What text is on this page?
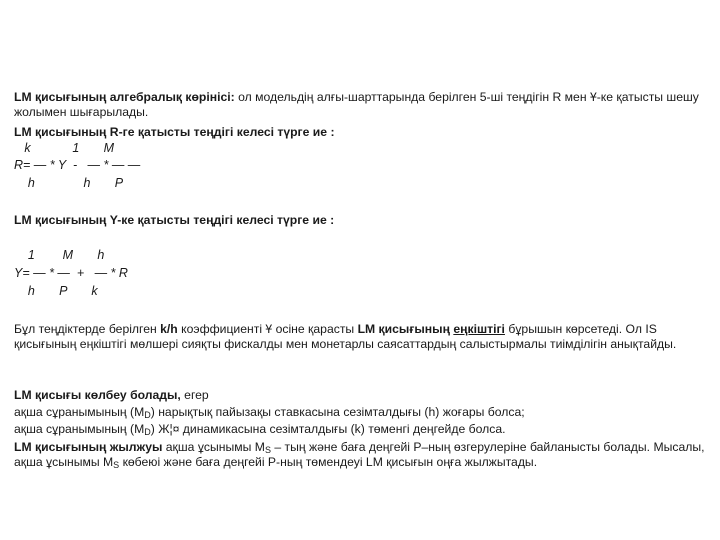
LM қисығының алгебралық көрінісі: ол модельдің алғы-шарттарында берілген 5-ші теңдігін R мен Ұ-ке қатысты шешу жолымен шығарылады.
LM қисығының R-ге қатысты теңдігі келесі түрге ие :
k            1       M
R= — * Y  -   — * — —
h              h       P
LM қисығының Y-ке қатысты теңдігі келесі түрге ие :
1        M       h
Y= — * —  +   — * R
h       P       k
Бұл теңдіктерде берілген k/h коэффициенті Ұ осіне қарасты LM қисығының еңкіштігі бұрышын көрсетеді. Ол IS қисығының еңкіштігі мөлшері сияқты фискалды мен монетарлы саясаттардың салыстырмалы тиімділігін анықтайды.
LM қисығы көлбеу болады, егер
ақша сұранымының $(M_D)$ нарықтық пайызақы ставкасына сезімталдығы (h) жоғары болса;
ақша сұранымының $(M_D)$ Ж¦¤ динамикасына сезімталдығы (k) төменгі деңгейде болса.
LM қисығының жылжуы ақша ұсынымы $M_S$ – тың және баға деңгейі P–ның өзгерулеріне байланысты болады. Мысалы, ақша ұсынымы $M_S$ көбеюі және баға деңгейі P-ның төмендеуі LM қисығын оңға жылжытады.
